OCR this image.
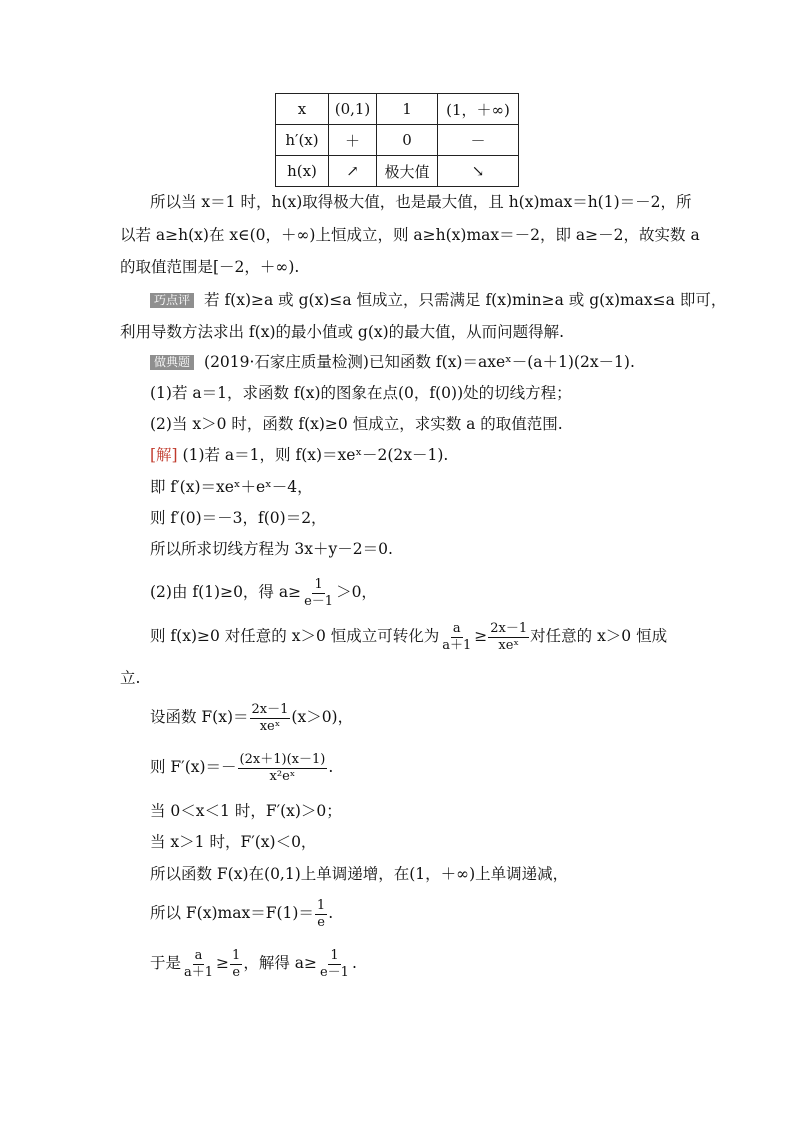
x	(0,1)	1	(1，＋∞)
h′(x)	＋	0	－
h(x)	↗	极大值	↘
所以当 x＝1 时，h(x)取得极大值，也是最大值，且 h(x)max＝h(1)＝－2，所
以若 a≥h(x)在 x∈(0，＋∞)上恒成立，则 a≥h(x)max＝－2，即 a≥－2，故实数 a
的取值范围是[－2，＋∞).
巧点评 若 f(x)≥a 或 g(x)≤a 恒成立，只需满足 f(x)min≥a 或 g(x)max≤a 即可，
利用导数方法求出 f(x)的最小值或 g(x)的最大值，从而问题得解.
做典题 (2019·石家庄质量检测)已知函数 f(x)＝axeˣ－(a＋1)(2x－1).
(1)若 a＝1，求函数 f(x)的图象在点(0，f(0))处的切线方程；
(2)当 x＞0 时，函数 f(x)≥0 恒成立，求实数 a 的取值范围.
[解] (1)若 a＝1，则 f(x)＝xeˣ－2(2x－1).
即 f′(x)＝xeˣ＋eˣ－4，
则 f′(0)＝－3，f(0)＝2，
所以所求切线方程为 3x＋y－2＝0.
(2)由 f(1)≥0，得 $a\ge \frac{1}{e-1} >0$，
则 f(x)≥0 对任意的 x＞0 恒成立可转化为 $\frac{a}{a+1} \ge \frac{2x-1}{\text{xeˣ}}$ 对任意的 x＞0 恒成
立.
设函数 $F(x)= \frac{2x-1}{\text{xeˣ}} (x>0)$，
则 $F'(x)=- \frac{(2x+1)(x-1)}{\text{x²eˣ}}$ .
当 0＜x＜1 时，F′(x)＞0；
当 x＞1 时，F′(x)＜0，
所以函数 F(x)在(0,1)上单调递增，在(1，＋∞)上单调递减，
所以 $F(x)\max=F(1)= \frac{1}{e}$ .
于是 $\frac{a}{a+1} \ge \frac{1}{e}$ ，解得 $a\ge \frac{1}{e-1}$ .
